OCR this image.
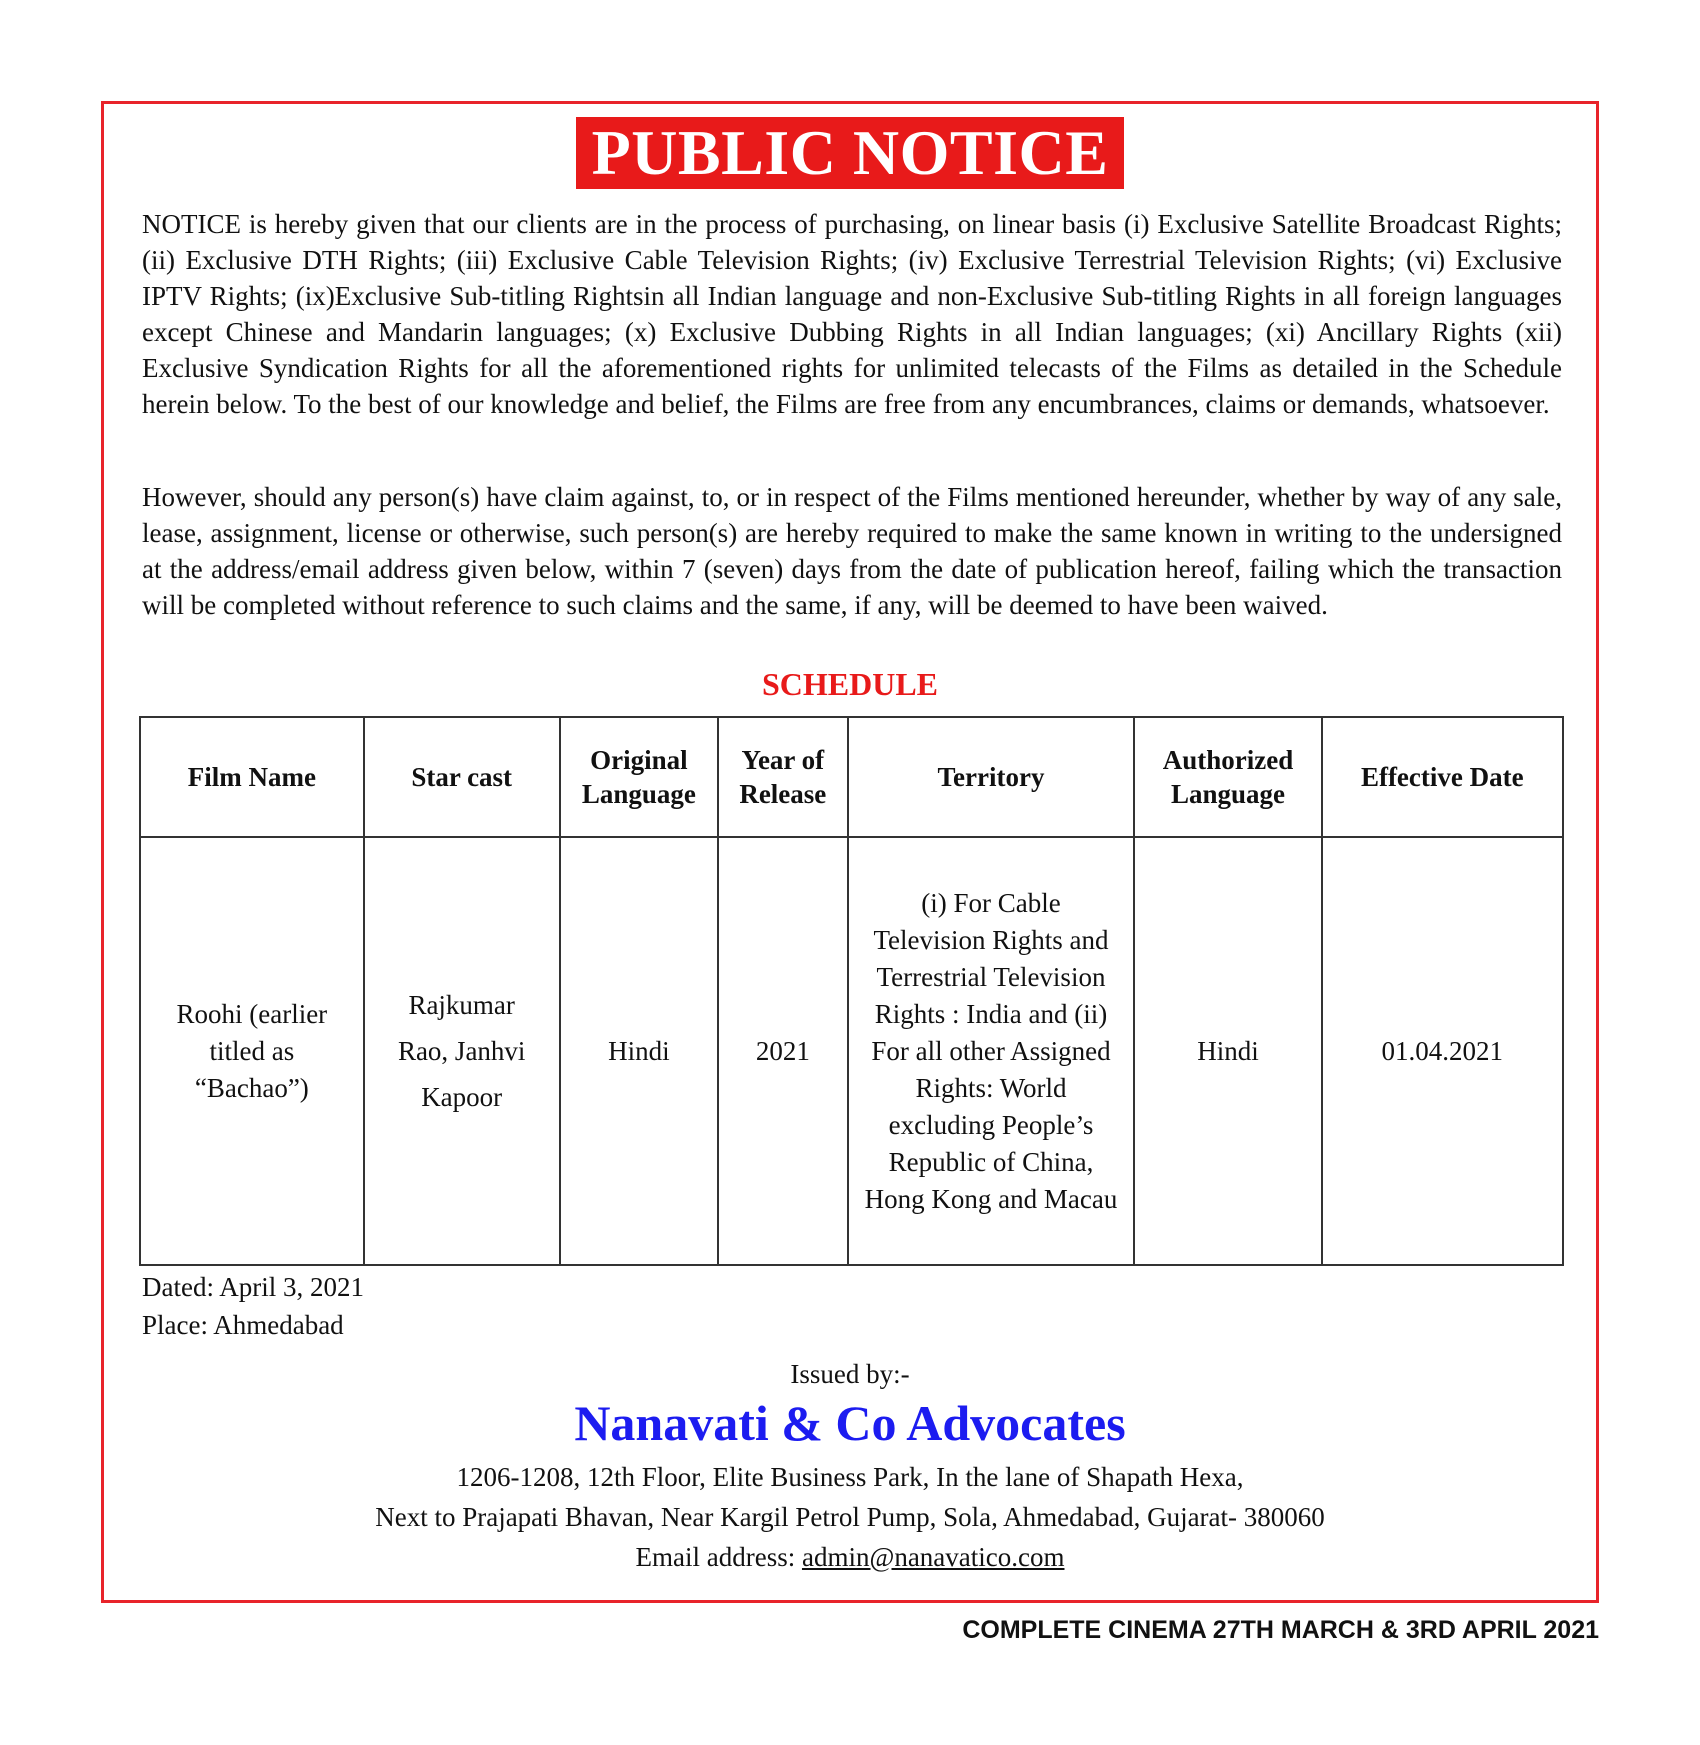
PUBLIC NOTICE
NOTICE is hereby given that our clients are in the process of purchasing, on linear basis (i) Exclusive Satellite Broadcast Rights; (ii) Exclusive DTH Rights; (iii) Exclusive Cable Television Rights; (iv) Exclusive Terrestrial Television Rights; (vi) Exclusive IPTV Rights; (ix)Exclusive Sub-titling Rightsin all Indian language and non-Exclusive Sub-titling Rights in all foreign languages except Chinese and Mandarin languages; (x) Exclusive Dubbing Rights in all Indian languages; (xi) Ancillary Rights (xii) Exclusive Syndication Rights for all the aforementioned rights for unlimited telecasts of the Films as detailed in the Schedule herein below. To the best of our knowledge and belief, the Films are free from any encumbrances, claims or demands, whatsoever.
However, should any person(s) have claim against, to, or in respect of the Films mentioned hereunder, whether by way of any sale, lease, assignment, license or otherwise, such person(s) are hereby required to make the same known in writing to the undersigned at the address/email address given below, within 7 (seven) days from the date of publication hereof, failing which the transaction will be completed without reference to such claims and the same, if any, will be deemed to have been waived.
SCHEDULE
Film Name	Star cast	Original Language	Year of Release	Territory	Authorized Language	Effective Date
Roohi (earlier titled as “Bachao”)	Rajkumar Rao, Janhvi Kapoor	Hindi	2021	(i) For Cable Television Rights and Terrestrial Television Rights : India and (ii) For all other Assigned Rights: World excluding People’s Republic of China, Hong Kong and Macau	Hindi	01.04.2021
Dated: April 3, 2021
Place: Ahmedabad
Issued by:-
Nanavati & Co Advocates
1206-1208, 12th Floor, Elite Business Park, In the lane of Shapath Hexa,
Next to Prajapati Bhavan, Near Kargil Petrol Pump, Sola, Ahmedabad, Gujarat- 380060
Email address: admin@nanavatico.com
COMPLETE CINEMA 27TH MARCH & 3RD APRIL 2021
